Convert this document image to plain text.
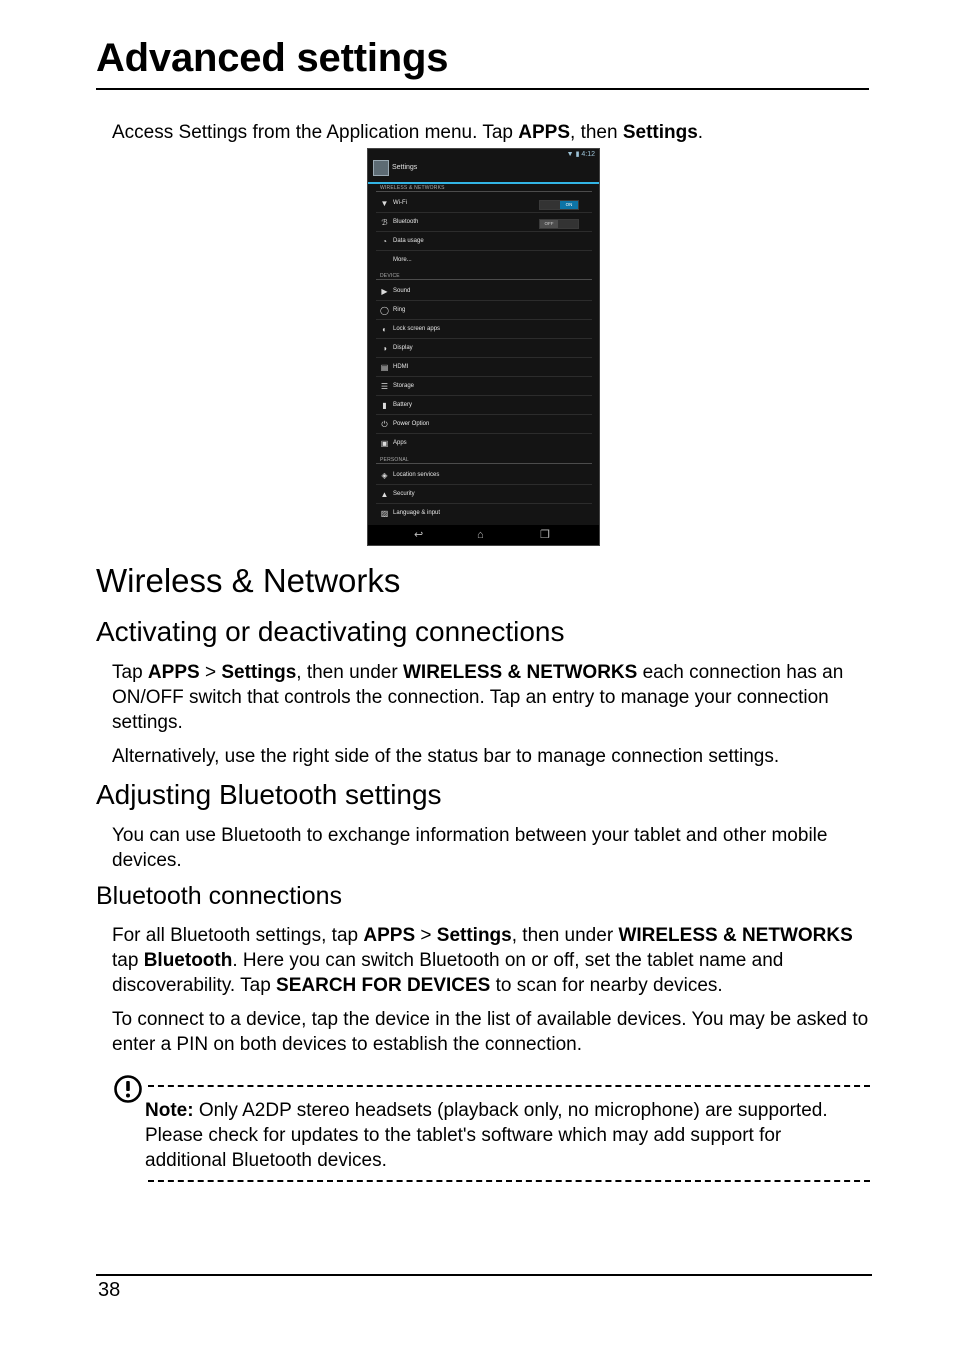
Advanced settings
Access Settings from the Application menu. Tap APPS, then Settings.
▼ ▮ 4:12
Settings
WIRELESS & NETWORKS
▼ Wi-Fi	ON
ℬ Bluetooth	OFF
◔	Data usage
More...
DEVICE
▶ Sound
◯ Ring
◐	Lock screen apps
◑	Display
▤ HDMI
☰ Storage
▮	Battery
⏻ Power Option
▣ Apps
PERSONAL
◈ Location services
▲ Security
▨ Language & input
↩	⌂	❐
Wireless & Networks
Activating or deactivating connections
Tap APPS > Settings, then under WIRELESS & NETWORKS each connection has an ON/OFF switch that controls the connection. Tap an entry to manage your connection settings.
Alternatively, use the right side of the status bar to manage connection settings.
Adjusting Bluetooth settings
You can use Bluetooth to exchange information between your tablet and other mobile devices.
Bluetooth connections
For all Bluetooth settings, tap APPS > Settings, then under WIRELESS & NETWORKS tap Bluetooth. Here you can switch Bluetooth on or off, set the tablet name and discoverability. Tap SEARCH FOR DEVICES to scan for nearby devices.
To connect to a device, tap the device in the list of available devices. You may be asked to enter a PIN on both devices to establish the connection.
Note: Only A2DP stereo headsets (playback only, no microphone) are supported. Please check for updates to the tablet's software which may add support for additional Bluetooth devices.
38
